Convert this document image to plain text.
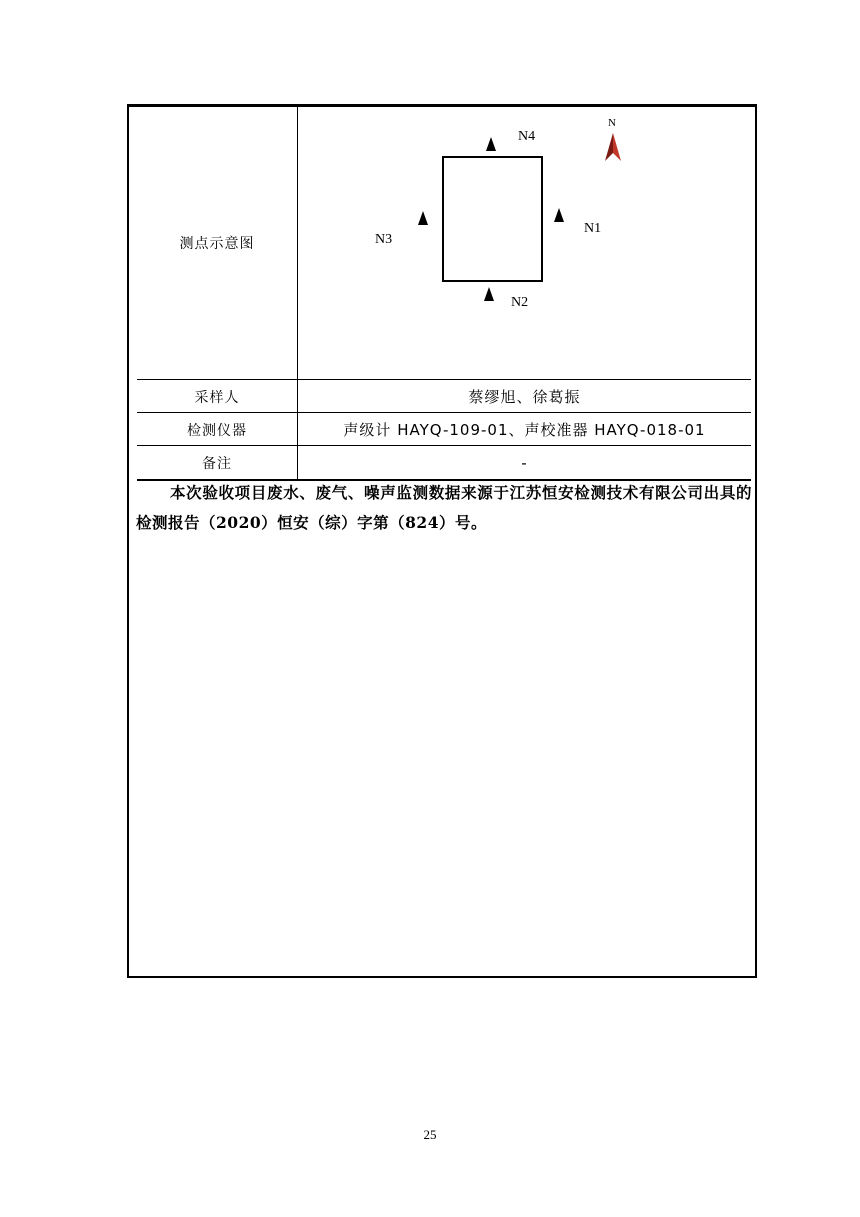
测点示意图
N4
N1
N3
N2
N
采样人	蔡缪旭、徐葛振
检测仪器	声级计 HAYQ-109-01、声校准器 HAYQ-018-01
备注	-
本次验收项目废水、废气、噪声监测数据来源于江苏恒安检测技术有限公司出具的检测报告（2020）恒安（综）字第（824）号。
25
